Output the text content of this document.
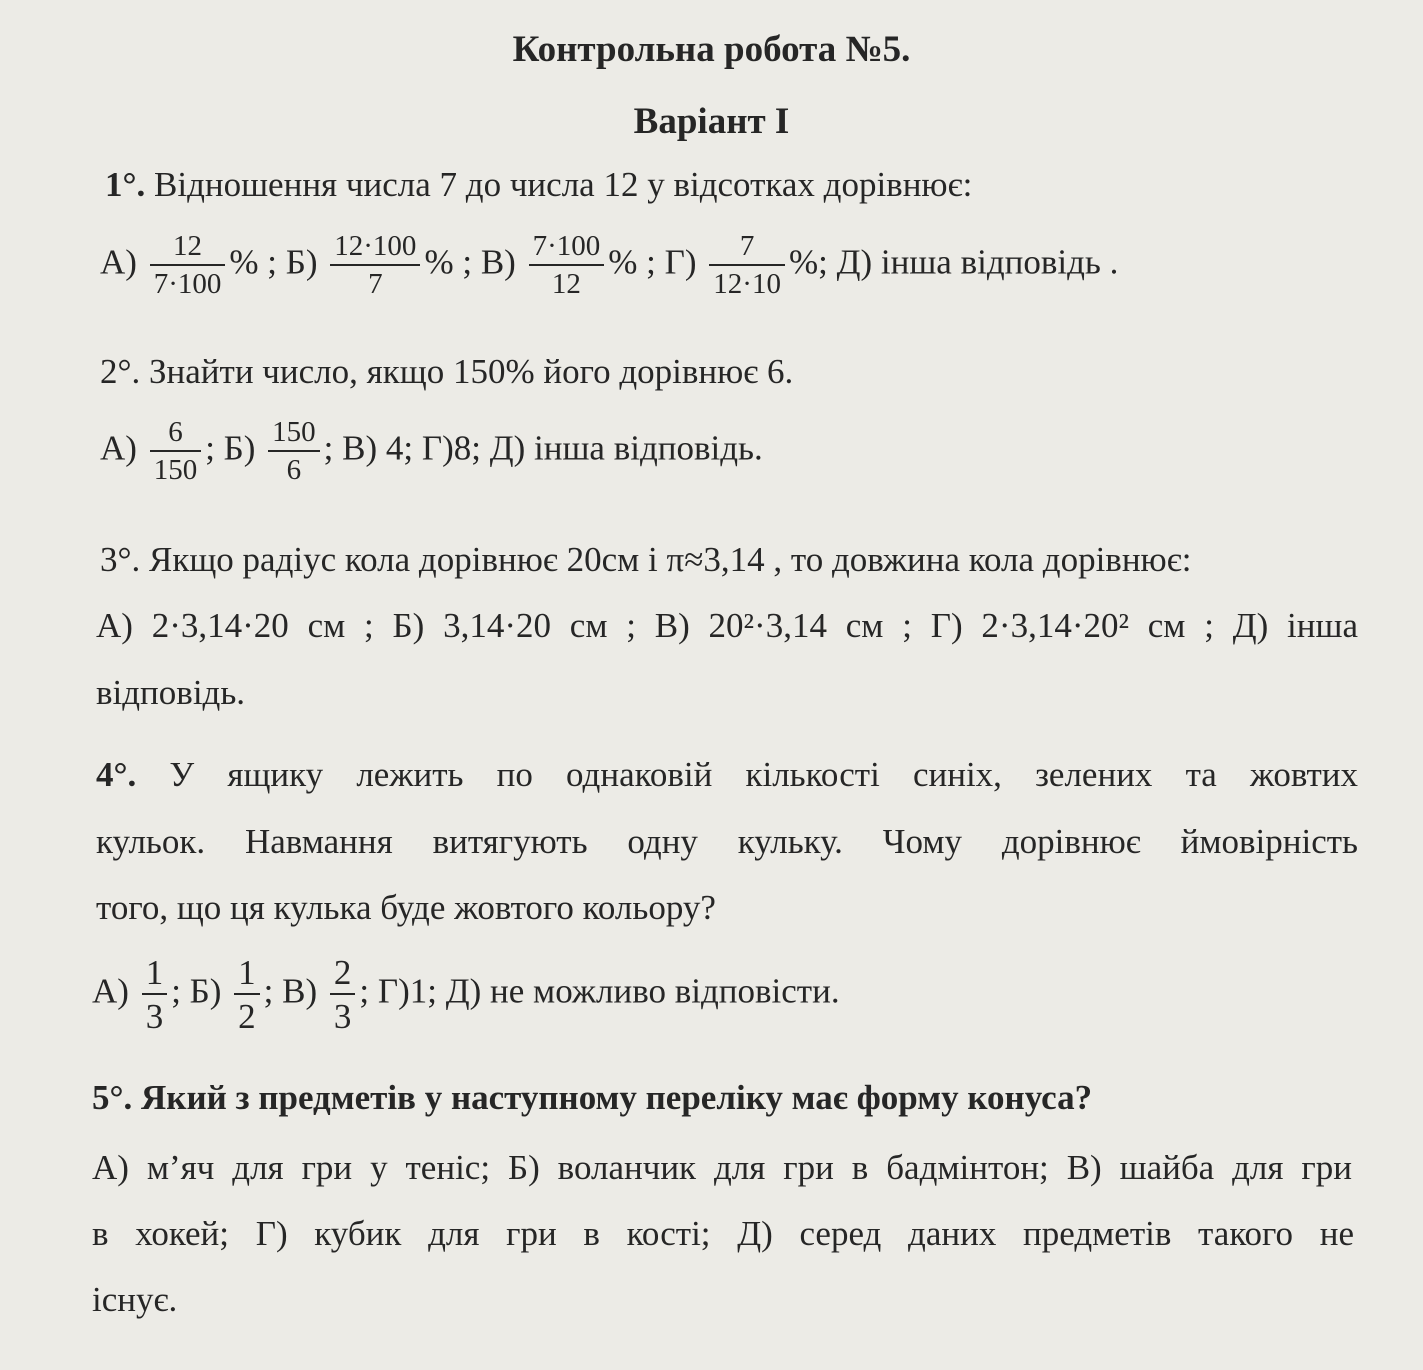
Контрольна робота №5.
Варіант I
1°. Відношення числа 7 до числа 12 у відсотках дорівнює:
$А) \frac{12}{7\cdot 100}$ % ; $Б) \frac{12\cdot 100}{7}$ % ; $В) \frac{7\cdot 100}{12}$ % ; $Г) \frac{7}{12\cdot 10}$ %; Д) інша відповідь .
2°. Знайти число, якщо 150% його дорівнює 6.
$А) \frac{6}{150}$ ; $Б) \frac{150}{6}$ ; В) 4; Г)8; Д) інша відповідь.
3°. Якщо радіус кола дорівнює 20см і π≈3,14 , то довжина кола дорівнює:
А) 2·3,14·20 см ; Б) 3,14·20 см ; В) 20²·3,14 см ; Г) 2·3,14·20² см ; Д) інша
відповідь.
4°. У ящику лежить по однаковій кількості синіх, зелених та жовтих
кульок. Навмання витягують одну кульку. Чому дорівнює ймовірність
того, що ця кулька буде жовтого кольору?
$А) \frac{1}{3}$ ; $Б) \frac{1}{2}$ ; $В) \frac{2}{3}$ ; Г)1; Д) не можливо відповісти.
5°. Який з предметів у наступному переліку має форму конуса?
А) м’яч для гри у теніс; Б) воланчик для гри в бадмінтон; В) шайба для гри
в хокей; Г) кубик для гри в кості; Д) серед даних предметів такого не
існує.
